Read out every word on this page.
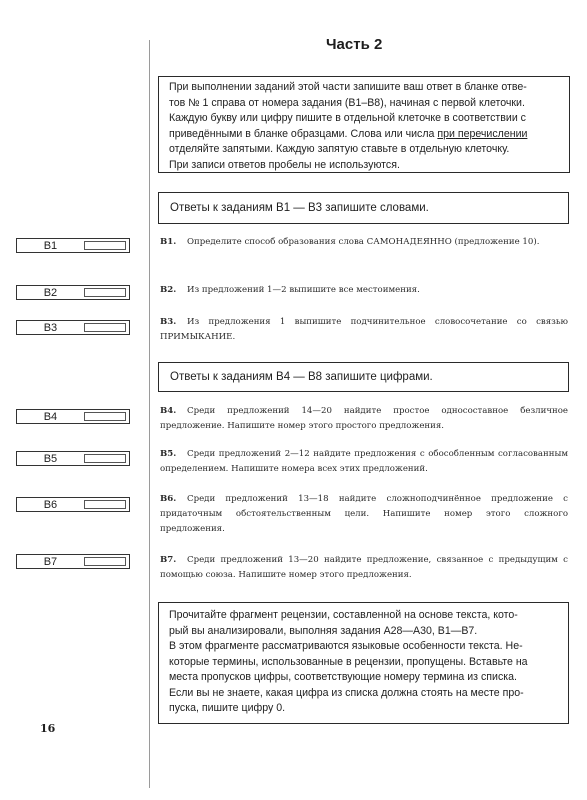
Часть 2
При выполнении заданий этой части запишите ваш ответ в бланке отве-
тов № 1 справа от номера задания (В1–В8), начиная с первой клеточки.
Каждую букву или цифру пишите в отдельной клеточке в соответствии с
приведёнными в бланке образцами. Слова или числа при перечислении
отделяйте запятыми. Каждую запятую ставьте в отдельную клеточку.
При записи ответов пробелы не используются.
Ответы к заданиям В1 — В3 запишите словами.
B1
B2
B3
B4
B5
B6
B7
B1. Определите способ образования слова САМОНАДЕЯННО (предложение 10).
B2. Из предложений 1—2 выпишите все местоимения.
B3. Из предложения 1 выпишите подчинительное словосочетание со связью ПРИМЫКАНИЕ.
Ответы к заданиям В4 — В8 запишите цифрами.
B4. Среди предложений 14—20 найдите простое односоставное безличное предложение. Напишите номер этого простого предложения.
B5. Среди предложений 2—12 найдите предложения с обособленным согласованным определением. Напишите номера всех этих предложений.
B6. Среди предложений 13—18 найдите сложноподчинённое предложение с придаточным обстоятельственным цели. Напишите номер этого сложного предложения.
B7. Среди предложений 13—20 найдите предложение, связанное с предыдущим с помощью союза. Напишите номер этого предложения.
Прочитайте фрагмент рецензии, составленной на основе текста, кото-
рый вы анализировали, выполняя задания А28—А30, В1—В7.
В этом фрагменте рассматриваются языковые особенности текста. Не-
которые термины, использованные в рецензии, пропущены. Вставьте на
места пропусков цифры, соответствующие номеру термина из списка.
Если вы не знаете, какая цифра из списка должна стоять на месте про-
пуска, пишите цифру 0.
16
